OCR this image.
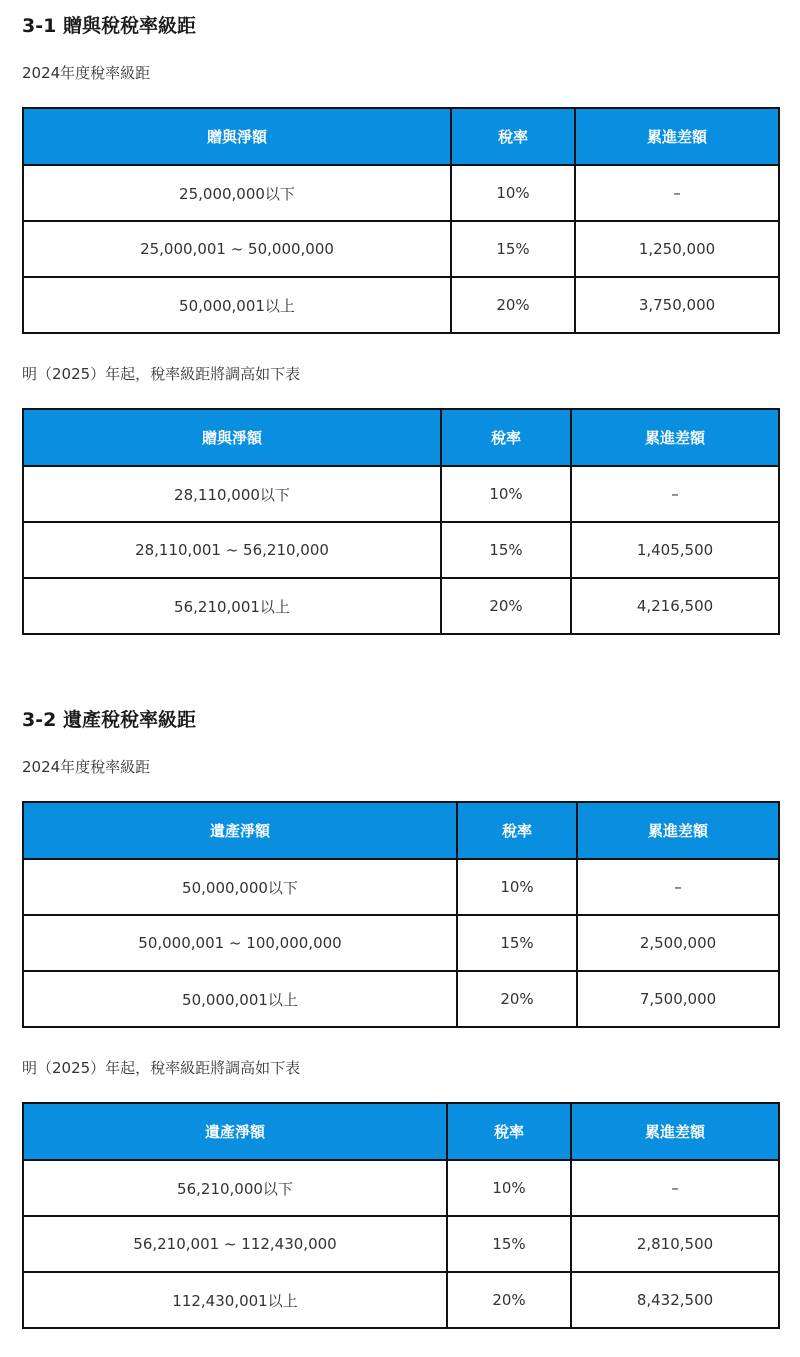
3-1 贈與稅稅率級距

2024年度稅率級距

贈與淨額	稅率	累進差額
25,000,000以下	10%	–
25,000,001 ~ 50,000,000	15%	1,250,000
50,000,001以上	20%	3,750,000

明（2025）年起，稅率級距將調高如下表

贈與淨額	稅率	累進差額
28,110,000以下	10%	–
28,110,001 ~ 56,210,000	15%	1,405,500
56,210,001以上	20%	4,216,500
3-2 遺產稅稅率級距

2024年度稅率級距

遺產淨額	稅率	累進差額
50,000,000以下	10%	–
50,000,001 ~ 100,000,000	15%	2,500,000
50,000,001以上	20%	7,500,000

明（2025）年起，稅率級距將調高如下表

遺產淨額	稅率	累進差額
56,210,000以下	10%	–
56,210,001 ~ 112,430,000	15%	2,810,500
112,430,001以上	20%	8,432,500
